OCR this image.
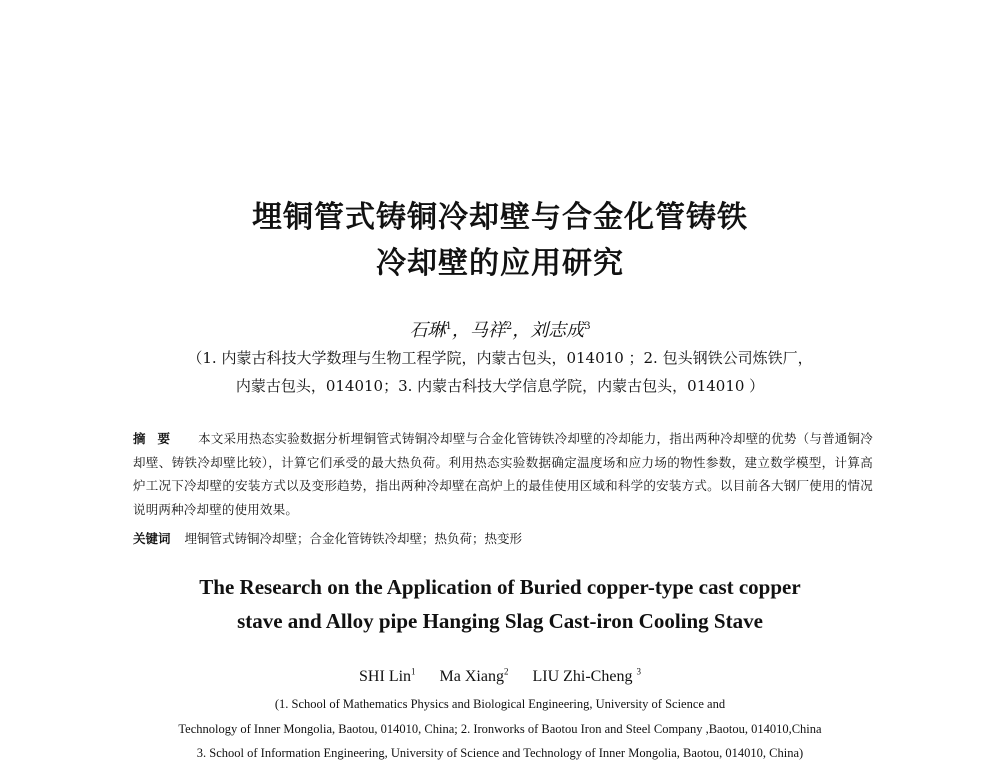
埋铜管式铸铜冷却壁与合金化管铸铁
冷却壁的应用研究
石琳$^1$，马祥$^2$，刘志成$^3$
（1. 内蒙古科技大学数理与生物工程学院，内蒙古包头，014010 ；2. 包头钢铁公司炼铁厂，
内蒙古包头，014010；3. 内蒙古科技大学信息学院，内蒙古包头，014010 ）
摘要 本文采用热态实验数据分析埋铜管式铸铜冷却壁与合金化管铸铁冷却壁的冷却能力，指出两种冷却壁的优势（与普通铜冷却壁、铸铁冷却壁比较），计算它们承受的最大热负荷。利用热态实验数据确定温度场和应力场的物性参数，建立数学模型，计算高炉工况下冷却壁的安装方式以及变形趋势，指出两种冷却壁在高炉上的最佳使用区域和科学的安装方式。以目前各大钢厂使用的情况说明两种冷却壁的使用效果。
关键词 埋铜管式铸铜冷却壁；合金化管铸铁冷却壁；热负荷；热变形
The Research on the Application of Buried copper-type cast copper
stave and Alloy pipe Hanging Slag Cast-iron Cooling Stave
SHI Lin$^1$ Ma Xiang$^2$ LIU Zhi-Cheng $^3$
(1. School of Mathematics Physics and Biological Engineering, University of Science and
Technology of Inner Mongolia, Baotou, 014010, China; 2. Ironworks of Baotou Iron and Steel Company ,Baotou, 014010,China
3. School of Information Engineering, University of Science and Technology of Inner Mongolia, Baotou, 014010, China)
